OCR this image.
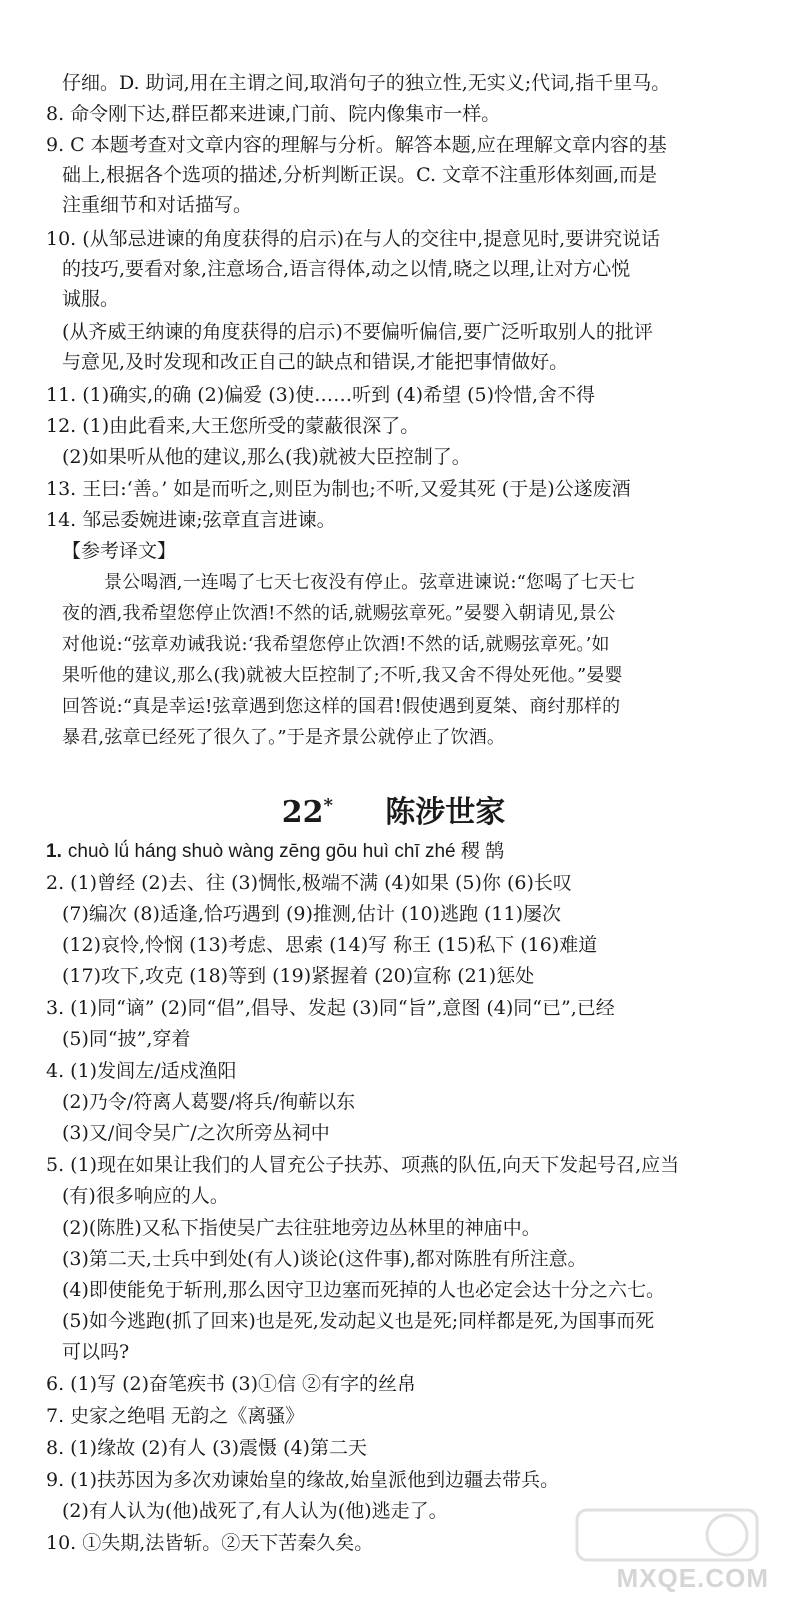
22* 陈涉世家
1. chuò lǘ háng shuò wàng zēng gōu huì chī zhé 稷 鹄
MXQE.COM
仔细。D. 助词,用在主谓之间,取消句子的独立性,无实义;代词,指千里马。
8. 命令刚下达,群臣都来进谏,门前、院内像集市一样。
9. C 本题考查对文章内容的理解与分析。解答本题,应在理解文章内容的基
础上,根据各个选项的描述,分析判断正误。C. 文章不注重形体刻画,而是
注重细节和对话描写。
10. (从邹忌进谏的角度获得的启示)在与人的交往中,提意见时,要讲究说话
的技巧,要看对象,注意场合,语言得体,动之以情,晓之以理,让对方心悦
诚服。
(从齐威王纳谏的角度获得的启示)不要偏听偏信,要广泛听取别人的批评
与意见,及时发现和改正自己的缺点和错误,才能把事情做好。
11. (1)确实,的确 (2)偏爱 (3)使……听到 (4)希望 (5)怜惜,舍不得
12. (1)由此看来,大王您所受的蒙蔽很深了。
(2)如果听从他的建议,那么(我)就被大臣控制了。
13. 王曰:‘善。’ 如是而听之,则臣为制也;不听,又爱其死 (于是)公遂废酒
14. 邹忌委婉进谏;弦章直言进谏。
【参考译文】
景公喝酒,一连喝了七天七夜没有停止。弦章进谏说:“您喝了七天七
夜的酒,我希望您停止饮酒!不然的话,就赐弦章死。”晏婴入朝请见,景公
对他说:“弦章劝诫我说:‘我希望您停止饮酒!不然的话,就赐弦章死。’如
果听他的建议,那么(我)就被大臣控制了;不听,我又舍不得处死他。”晏婴
回答说:“真是幸运!弦章遇到您这样的国君!假使遇到夏桀、商纣那样的
暴君,弦章已经死了很久了。”于是齐景公就停止了饮酒。
2. (1)曾经 (2)去、往 (3)惆怅,极端不满 (4)如果 (5)你 (6)长叹
(7)编次 (8)适逢,恰巧遇到 (9)推测,估计 (10)逃跑 (11)屡次
(12)哀怜,怜悯 (13)考虑、思索 (14)写 称王 (15)私下 (16)难道
(17)攻下,攻克 (18)等到 (19)紧握着 (20)宣称 (21)惩处
3. (1)同“谪” (2)同“倡”,倡导、发起 (3)同“旨”,意图 (4)同“已”,已经
(5)同“披”,穿着
4. (1)发闾左/适戍渔阳
(2)乃令/符离人葛婴/将兵/徇蕲以东
(3)又/间令吴广/之次所旁丛祠中
5. (1)现在如果让我们的人冒充公子扶苏、项燕的队伍,向天下发起号召,应当
(有)很多响应的人。
(2)(陈胜)又私下指使吴广去往驻地旁边丛林里的神庙中。
(3)第二天,士兵中到处(有人)谈论(这件事),都对陈胜有所注意。
(4)即使能免于斩刑,那么因守卫边塞而死掉的人也必定会达十分之六七。
(5)如今逃跑(抓了回来)也是死,发动起义也是死;同样都是死,为国事而死
可以吗?
6. (1)写 (2)奋笔疾书 (3)①信 ②有字的丝帛
7. 史家之绝唱 无韵之《离骚》
8. (1)缘故 (2)有人 (3)震慑 (4)第二天
9. (1)扶苏因为多次劝谏始皇的缘故,始皇派他到边疆去带兵。
(2)有人认为(他)战死了,有人认为(他)逃走了。
10. ①失期,法皆斩。②天下苦秦久矣。
